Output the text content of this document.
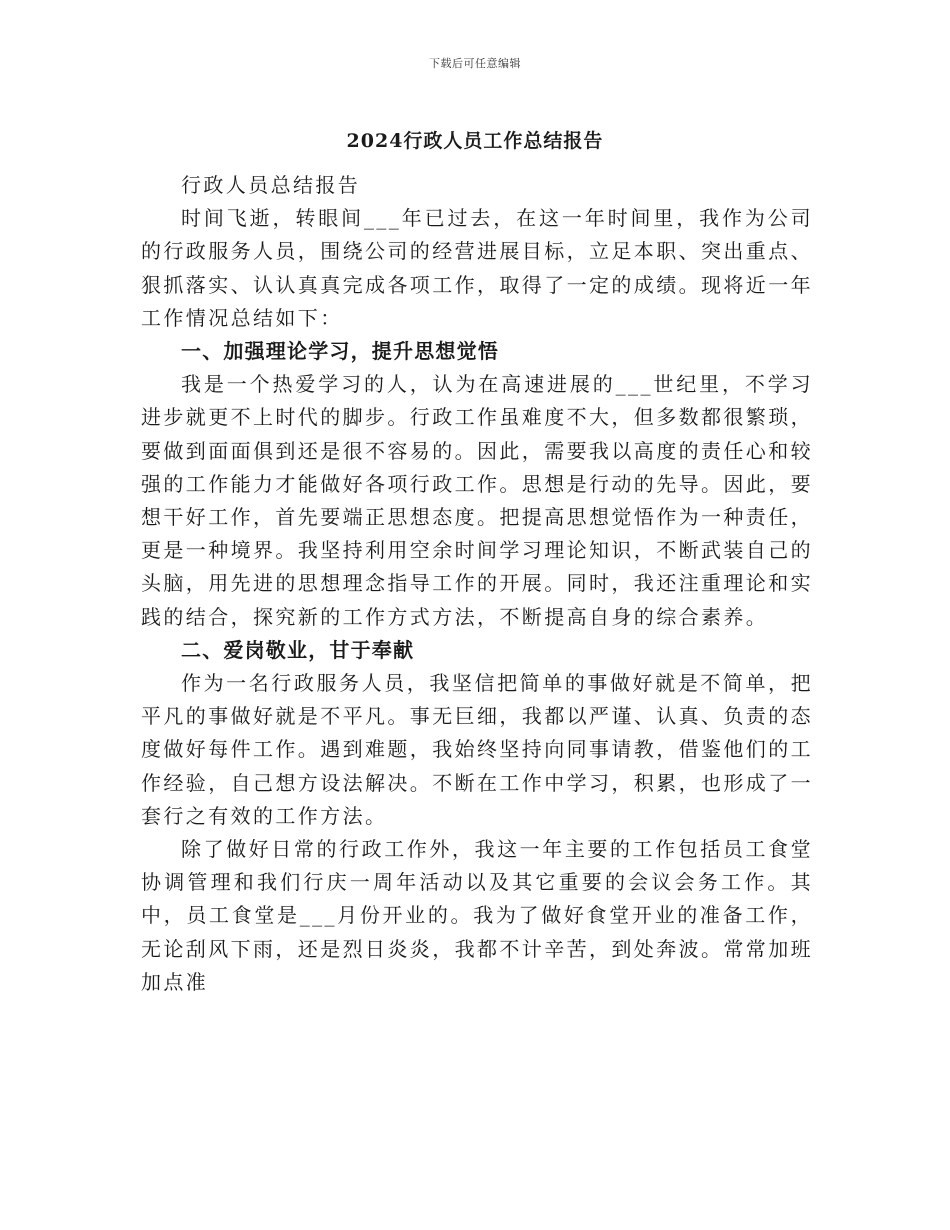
下载后可任意编辑
2024行政人员工作总结报告

行政人员总结报告

时间飞逝，转眼间___年已过去，在这一年时间里，我作为公司的行政服务人员，围绕公司的经营进展目标，立足本职、突出重点、狠抓落实、认认真真完成各项工作，取得了一定的成绩。现将近一年工作情况总结如下：

一、加强理论学习，提升思想觉悟

我是一个热爱学习的人，认为在高速进展的___世纪里，不学习进步就更不上时代的脚步。行政工作虽难度不大，但多数都很繁琐，要做到面面俱到还是很不容易的。因此，需要我以高度的责任心和较强的工作能力才能做好各项行政工作。思想是行动的先导。因此，要想干好工作，首先要端正思想态度。把提高思想觉悟作为一种责任，更是一种境界。我坚持利用空余时间学习理论知识，不断武装自己的头脑，用先进的思想理念指导工作的开展。同时，我还注重理论和实践的结合，探究新的工作方式方法，不断提高自身的综合素养。

二、爱岗敬业，甘于奉献

作为一名行政服务人员，我坚信把简单的事做好就是不简单，把平凡的事做好就是不平凡。事无巨细，我都以严谨、认真、负责的态度做好每件工作。遇到难题，我始终坚持向同事请教，借鉴他们的工作经验，自己想方设法解决。不断在工作中学习，积累，也形成了一套行之有效的工作方法。

除了做好日常的行政工作外，我这一年主要的工作包括员工食堂协调管理和我们行庆一周年活动以及其它重要的会议会务工作。其中，员工食堂是___月份开业的。我为了做好食堂开业的准备工作，无论刮风下雨，还是烈日炎炎，我都不计辛苦，到处奔波。常常加班加点准
